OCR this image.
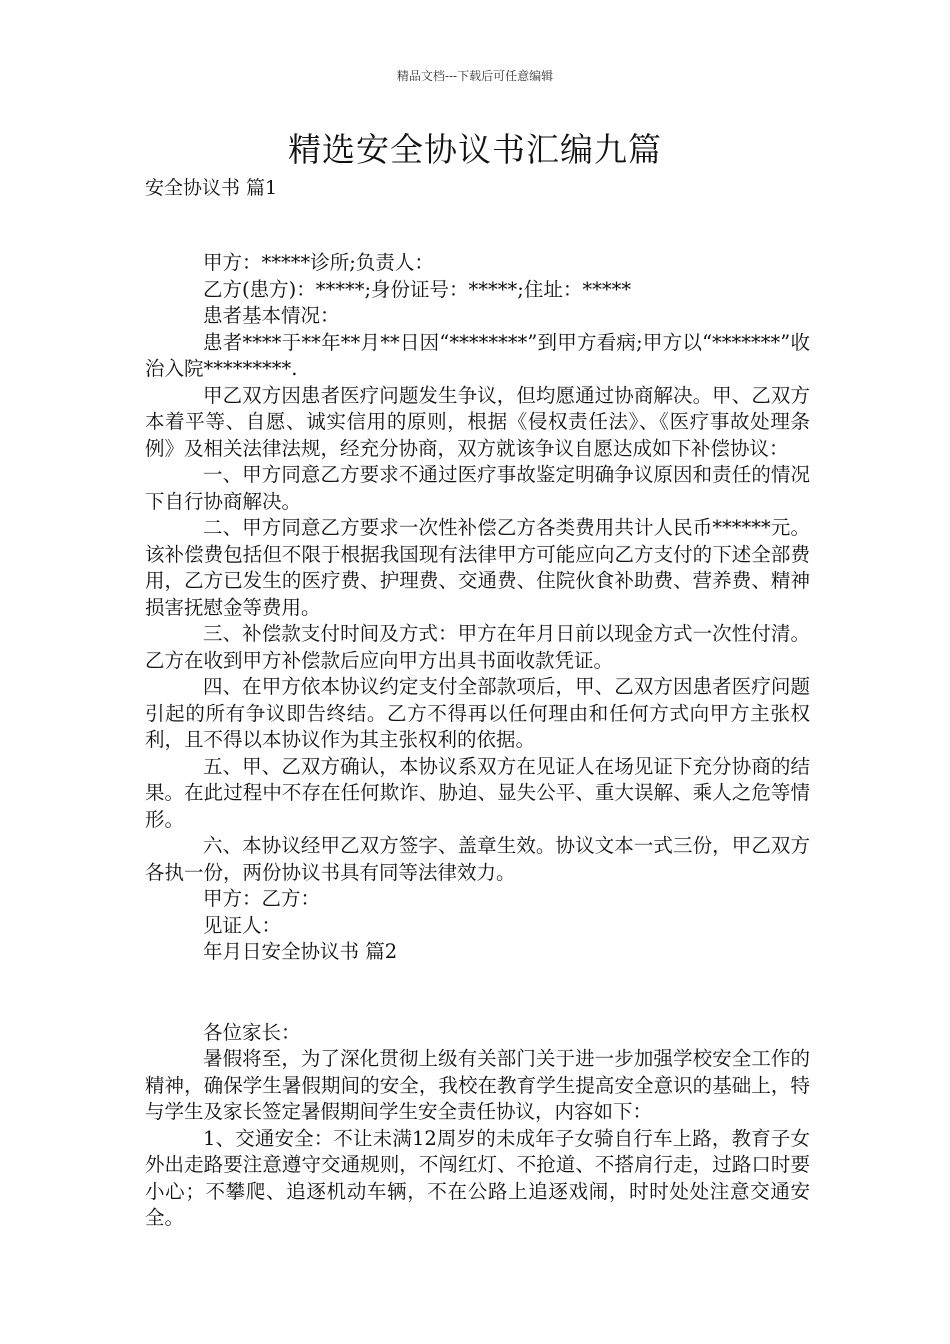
精品文档---下载后可任意编辑
精选安全协议书汇编九篇
安全协议书 篇1

甲方：*****诊所;负责人：

乙方(患方)：*****;身份证号：*****;住址：*****

患者基本情况：

患者****于**年**月**日因“********”到甲方看病;甲方以“*******”收治入院*********.

甲乙双方因患者医疗问题发生争议，但均愿通过协商解决。甲、乙双方本着平等、自愿、诚实信用的原则，根据《侵权责任法》、《医疗事故处理条例》及相关法律法规，经充分协商，双方就该争议自愿达成如下补偿协议：

一、甲方同意乙方要求不通过医疗事故鉴定明确争议原因和责任的情况下自行协商解决。

二、甲方同意乙方要求一次性补偿乙方各类费用共计人民币******元。该补偿费包括但不限于根据我国现有法律甲方可能应向乙方支付的下述全部费用，乙方已发生的医疗费、护理费、交通费、住院伙食补助费、营养费、精神损害抚慰金等费用。

三、补偿款支付时间及方式：甲方在年月日前以现金方式一次性付清。乙方在收到甲方补偿款后应向甲方出具书面收款凭证。

四、在甲方依本协议约定支付全部款项后，甲、乙双方因患者医疗问题引起的所有争议即告终结。乙方不得再以任何理由和任何方式向甲方主张权利，且不得以本协议作为其主张权利的依据。

五、甲、乙双方确认，本协议系双方在见证人在场见证下充分协商的结果。在此过程中不存在任何欺诈、胁迫、显失公平、重大误解、乘人之危等情形。

六、本协议经甲乙双方签字、盖章生效。协议文本一式三份，甲乙双方各执一份，两份协议书具有同等法律效力。

甲方：乙方：

见证人：

年月日安全协议书 篇2

各位家长：

暑假将至，为了深化贯彻上级有关部门关于进一步加强学校安全工作的精神，确保学生暑假期间的安全，我校在教育学生提高安全意识的基础上，特与学生及家长签定暑假期间学生安全责任协议，内容如下：

1、交通安全：不让未满12周岁的未成年子女骑自行车上路，教育子女外出走路要注意遵守交通规则，不闯红灯、不抢道、不搭肩行走，过路口时要小心；不攀爬、追逐机动车辆，不在公路上追逐戏闹，时时处处注意交通安全。
